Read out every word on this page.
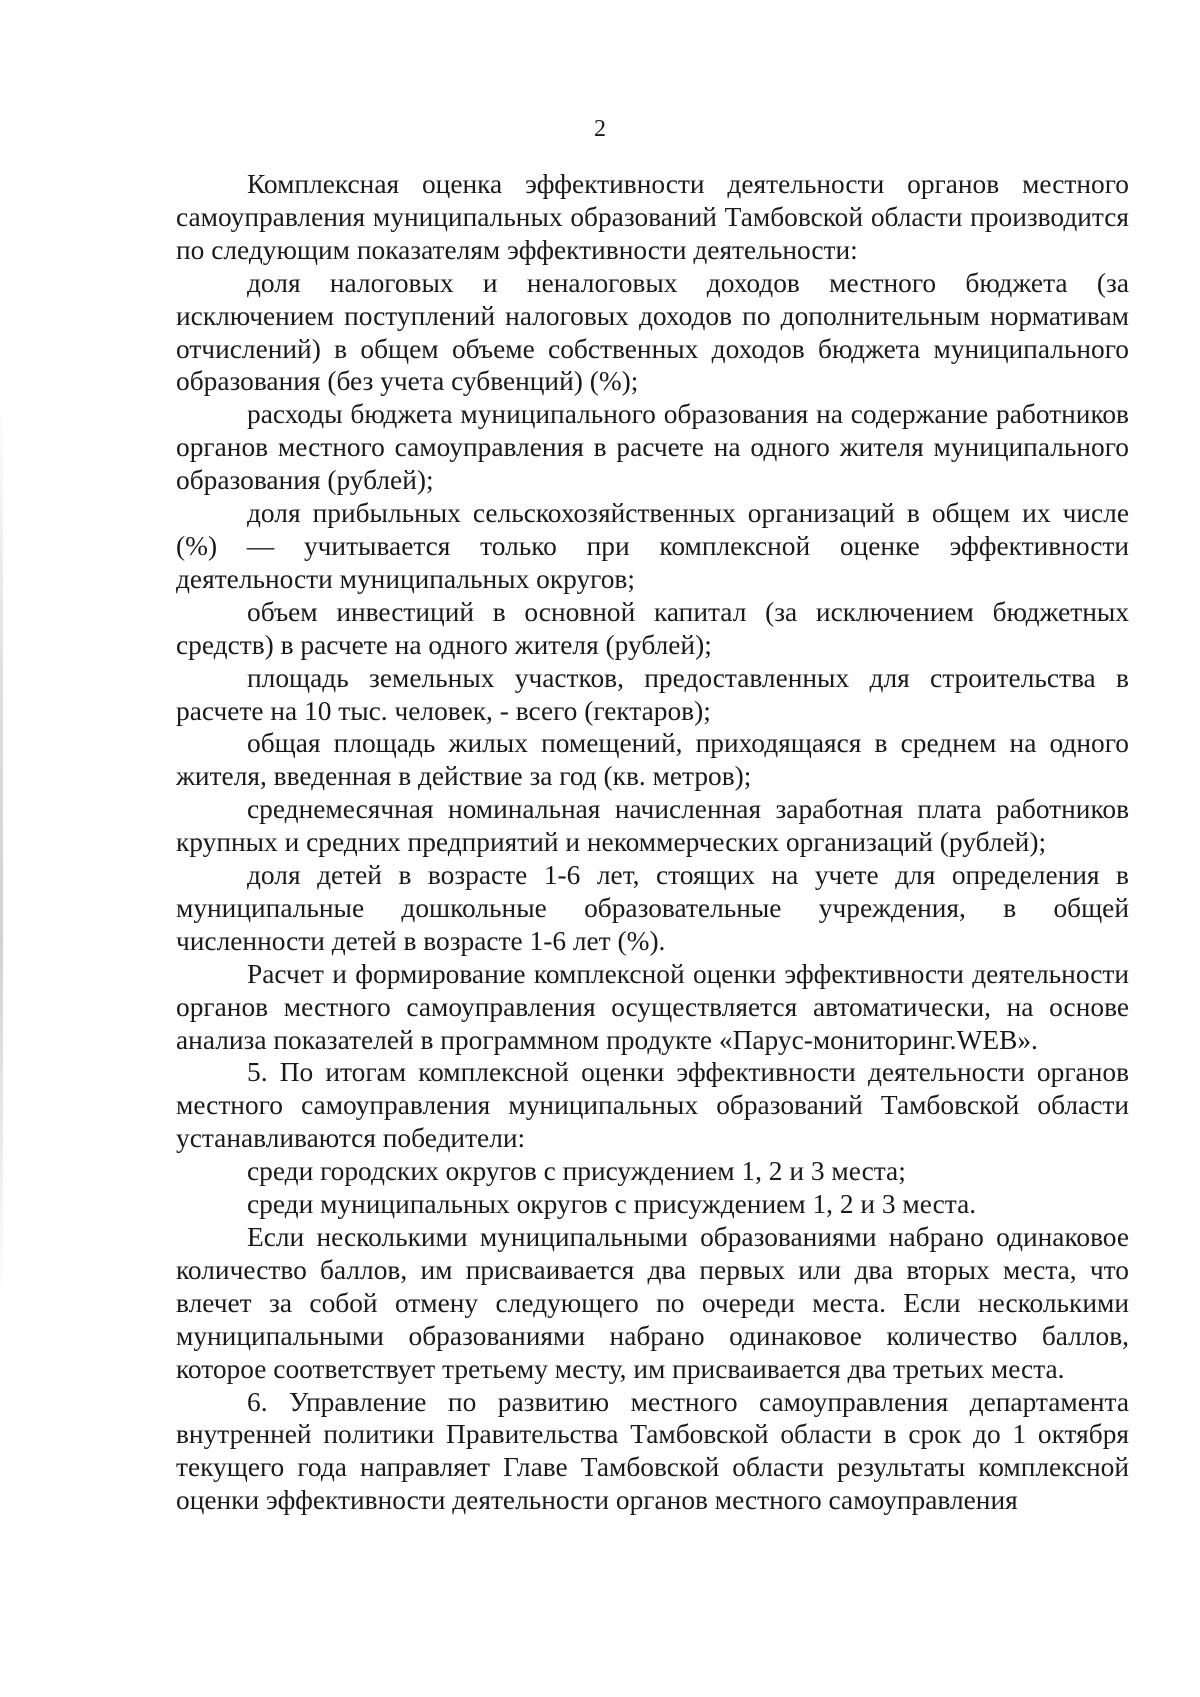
2

Комплексная оценка эффективности деятельности органов местного самоуправления муниципальных образований Тамбовской области производится по следующим показателям эффективности деятельности:

доля налоговых и неналоговых доходов местного бюджета (за исключением поступлений налоговых доходов по дополнительным нормативам отчислений) в общем объеме собственных доходов бюджета муниципального образования (без учета субвенций) (%);

расходы бюджета муниципального образования на содержание работников органов местного самоуправления в расчете на одного жителя муниципального образования (рублей);

доля прибыльных сельскохозяйственных организаций в общем их числе (%) — учитывается только при комплексной оценке эффективности деятельности муниципальных округов;

объем инвестиций в основной капитал (за исключением бюджетных средств) в расчете на одного жителя (рублей);

площадь земельных участков, предоставленных для строительства в расчете на 10 тыс. человек, - всего (гектаров);

общая площадь жилых помещений, приходящаяся в среднем на одного жителя, введенная в действие за год (кв. метров);

среднемесячная номинальная начисленная заработная плата работников крупных и средних предприятий и некоммерческих организаций (рублей);

доля детей в возрасте 1-6 лет, стоящих на учете для определения в муниципальные дошкольные образовательные учреждения, в общей численности детей в возрасте 1-6 лет (%).

Расчет и формирование комплексной оценки эффективности деятельности органов местного самоуправления осуществляется автоматически, на основе анализа показателей в программном продукте «Парус-мониторинг.WEB».

5. По итогам комплексной оценки эффективности деятельности органов местного самоуправления муниципальных образований Тамбовской области устанавливаются победители:

среди городских округов с присуждением 1, 2 и 3 места;

среди муниципальных округов с присуждением 1, 2 и 3 места.

Если несколькими муниципальными образованиями набрано одинаковое количество баллов, им присваивается два первых или два вторых места, что влечет за собой отмену следующего по очереди места. Если несколькими муниципальными образованиями набрано одинаковое количество баллов, которое соответствует третьему месту, им присваивается два третьих места.

6. Управление по развитию местного самоуправления департамента внутренней политики Правительства Тамбовской области в срок до 1 октября текущего года направляет Главе Тамбовской области результаты комплексной оценки эффективности деятельности органов местного самоуправления
